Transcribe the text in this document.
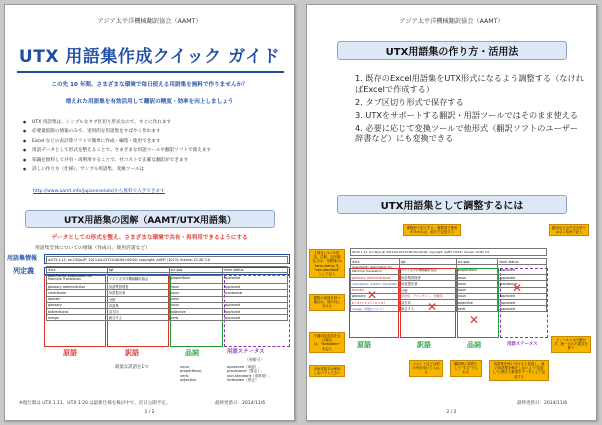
アジア太平洋機械翻訳協会（AAMT）
UTX 用語集作成クイック ガイド
この先 10 年間、さまざまな環境で毎日使える用語集を無料で作りませんか？
増えれた用語集を有効活用して翻訳の精度・効率を向上しましょう
● UTX 用語集は、シンプルなタブ区切り形式なので、すぐに作れます
● 必要最低限の情報のみで、実用的な用語集をすばやく作れます
● Excel などの表計算ソフトで簡単に作成・編集・使用できます
● 用語データとして形式を整えることで、さまざまな用語ツールや翻訳ソフトで使えます
● 知識を無料して共有・再利用することで、社コストで正確な翻訳ができます
● 詳しい作り方（仕様）、サンプル用語集、変換ツールは
http://www.aamt.info/japanese/utx/から無料で入手できます
UTX用語集の図解（AAMT/UTX用語集）
データとしての形式を整え、さまざまな環境で共有・再利用できるようにする
用語集全体についての情報（作成日、使用許諾など）
用語集情報
列定義
#UTX 1.11; en-US/ja-JP; 2013-04-01T10:00:00+09:00; copyright: AAMT (2013); license: CC-BY 3.0			

#src	tgt	src:pos	term status
Asia-Pacific Association for Machine Translation	アジア太平洋機械翻訳協会	properNoun	approved
glossary administrator	用語集管理者	noun	approved
contributor	用語提出者	noun	provisional
domain	分野	noun	
glossary	用語集	noun	approved
bidirectional	双方向	adjective	approved
merge	統合する	verb	approved
原語	訳語	品詞	用語ステータス
（省略可）
最低な訳語を1つ	noun,
properNoun,
verb,
adjective
approved（承認）,
provisional（暫定）,
non-standard（非推奨）,
forbidden（禁止）
※現行版は UTX 1.11、UTX 1.20 は最新仕様を検討中で、近日公開予定。
1 / 2
最終更新日：2014/11/6
アジア太平洋機械翻訳協会（AAMT）
UTX用語集の作り方・活用法
1. 既存のExcel用語集をUTX形式になるよう調整する（なければExcelで作成する）
2. タブ区切り形式で保存する
3. UTXをサポートする翻訳・用語ツールではそのまま使える
4. 必要に応じて変換ツールで他形式（翻訳ソフトのユーザー辞書など）にも変換できる
UTX用語集として調整するには
複数形で記入する。複数形で使用が多かれば、両方で記述する
動詞などは不完全形ではなく原形で記入
1項目に1つの用語、注釈、記号類などは、分類別のL term-status を "non-standard" として記入
複数の意味を持つ場合は、別の行に分ける
不適切な訳語を含む場合は、"forbidden" を記入
全角英数字は使用しないでください
コメントなどは別の列を用いて入れる
翻訳時に原則として"する"で入れる
用語集を使い分けると見直し、他の用語集を修正しないよう"見直し"に関する事項をデータとして記述する
フィールドは分割せず、統一された書式を使う
#UTX 1.11; en-US/ja-JP; 2013-04-01T10:00:00+09:00; copyright: AAMT (2013); license: CC-BY 3.0			

#src	tgt	src:pos	term status
Asia-Pacific Association for Machine Translation	アジア太平洋機械翻訳協会	properNoun	approved
glossary administrators	用語集管理者	noun	approved
contributor, Author, translator	用語提出者	noun	provisional
domain	分野	noun	
glossary	用語集、グロッサリー、語彙集	noun	approved
b i d i r e c t i o n a l	双方向	adjective	approved
merge（用語について）	統合する	verb	approved
✕
✕
✕
✕
原語	訳語	品詞	用語ステータス
2 / 2
最終更新日：2014/11/6
